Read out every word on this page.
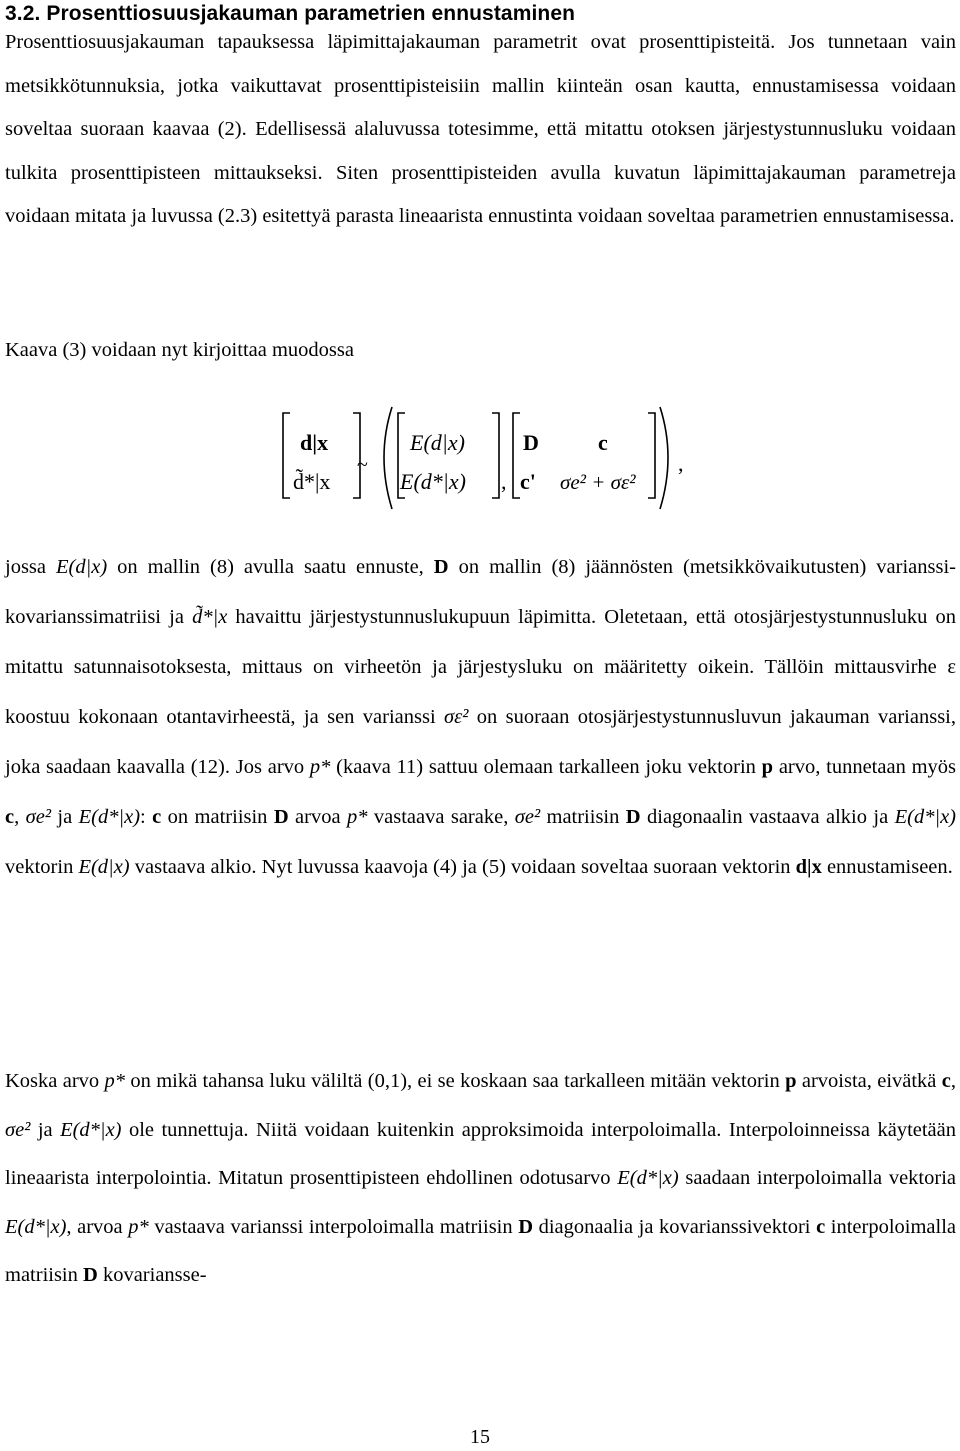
3.2. Prosenttiosuusjakauman parametrien ennustaminen

Prosenttiosuusjakauman tapauksessa läpimittajakauman parametrit ovat prosenttipisteitä. Jos tunnetaan vain metsikkötunnuksia, jotka vaikuttavat prosenttipisteisiin mallin kiinteän osan kautta, ennustamisessa voidaan soveltaa suoraan kaavaa (2). Edellisessä alaluvussa totesimme, että mitattu otoksen järjestystunnusluku voidaan tulkita prosenttipisteen mittaukseksi. Siten prosenttipisteiden avulla kuvatun läpimittajakauman parametreja voidaan mitata ja luvussa (2.3) esitettyä parasta lineaarista ennustinta voidaan soveltaa parametrien ennustamisessa.

Kaava (3) voidaan nyt kirjoittaa muodossa

d|x
d̃*|x
~
E(d|x)
E(d*|x) ,
D	c
c' σe² + σε²
,

jossa E(d|x) on mallin (8) avulla saatu ennuste, D on mallin (8) jäännösten (metsikkövaikutusten) varianssi-kovarianssimatriisi ja d̃*|x havaittu järjestystunnuslukupuun läpimitta. Oletetaan, että otosjärjestystunnusluku on mitattu satunnaisotoksesta, mittaus on virheetön ja järjestysluku on määritetty oikein. Tällöin mittausvirhe ε koostuu kokonaan otantavirheestä, ja sen varianssi σε² on suoraan otosjärjestystunnusluvun jakauman varianssi, joka saadaan kaavalla (12). Jos arvo p* (kaava 11) sattuu olemaan tarkalleen joku vektorin p arvo, tunnetaan myös c, σe² ja E(d*|x): c on matriisin D arvoa p* vastaava sarake, σe² matriisin D diagonaalin vastaava alkio ja E(d*|x) vektorin E(d|x) vastaava alkio. Nyt luvussa kaavoja (4) ja (5) voidaan soveltaa suoraan vektorin d|x ennustamiseen.

Koska arvo p* on mikä tahansa luku väliltä (0,1), ei se koskaan saa tarkalleen mitään vektorin p arvoista, eivätkä c, σe² ja E(d*|x) ole tunnettuja. Niitä voidaan kuitenkin approksimoida interpoloimalla. Interpoloinneissa käytetään lineaarista interpolointia. Mitatun prosenttipisteen ehdollinen odotusarvo E(d*|x) saadaan interpoloimalla vektoria E(d*|x), arvoa p* vastaava varianssi interpoloimalla matriisin D diagonaalia ja kovarianssivektori c interpoloimalla matriisin D kovariansse-

15
